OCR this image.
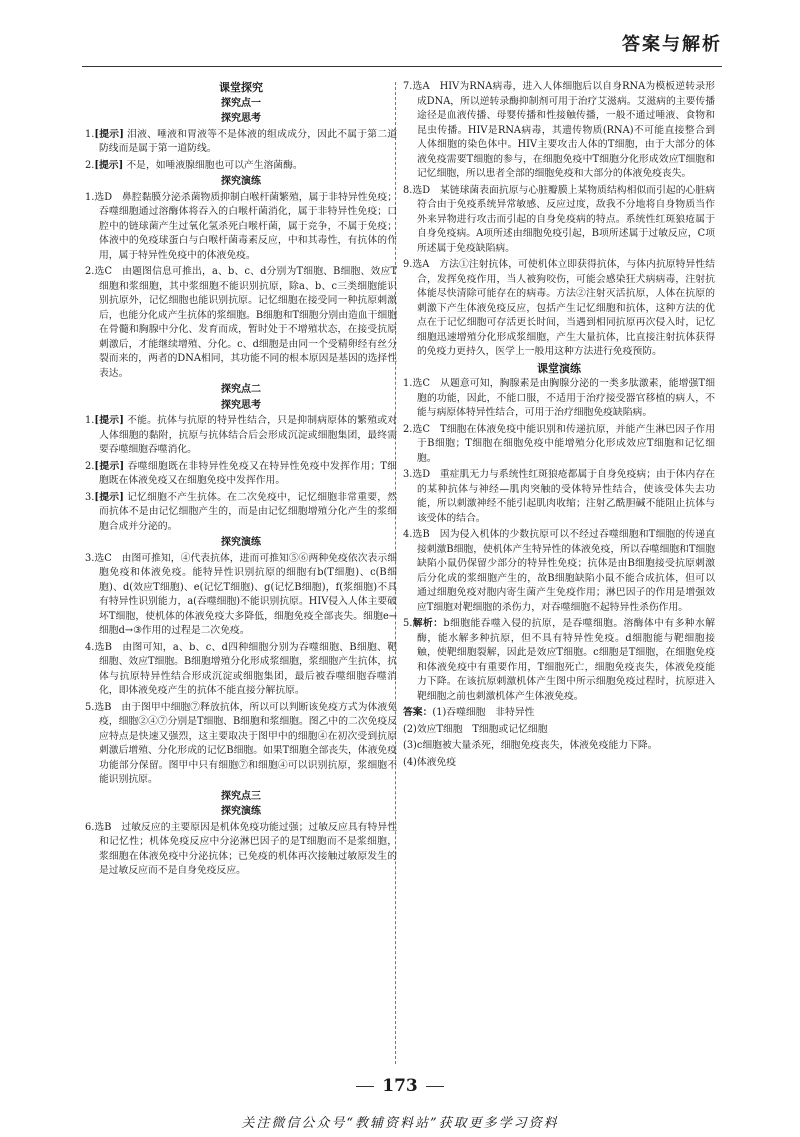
答案与解析
课堂探究
探究点一
探究思考
1.[提示] 泪液、唾液和胃液等不是体液的组成成分，因此不属于第二道防线而是属于第一道防线。
2.[提示] 不是，如唾液腺细胞也可以产生溶菌酶。
探究演练
1.选D　鼻腔黏膜分泌杀菌物质抑制白喉杆菌繁殖，属于非特异性免疫；吞噬细胞通过溶酶体将吞入的白喉杆菌消化，属于非特异性免疫；口腔中的链球菌产生过氧化氢杀死白喉杆菌，属于竞争，不属于免疫；体液中的免疫球蛋白与白喉杆菌毒素反应，中和其毒性，有抗体的作用，属于特异性免疫中的体液免疫。
2.选C　由题图信息可推出，a、b、c、d分别为T细胞、B细胞、效应T细胞和浆细胞，其中浆细胞不能识别抗原，除a、b、c三类细胞能识别抗原外，记忆细胞也能识别抗原。记忆细胞在接受同一种抗原刺激后，也能分化成产生抗体的浆细胞。B细胞和T细胞分别由造血干细胞在骨髓和胸腺中分化、发育而成，暂时处于不增殖状态，在接受抗原刺激后，才能继续增殖、分化。c、d细胞是由同一个受精卵经有丝分裂而来的，两者的DNA相同，其功能不同的根本原因是基因的选择性表达。
探究点二
探究思考
1.[提示] 不能。抗体与抗原的特异性结合，只是抑制病原体的繁殖或对人体细胞的黏附，抗原与抗体结合后会形成沉淀或细胞集团，最终需要吞噬细胞吞噬消化。
2.[提示] 吞噬细胞既在非特异性免疫又在特异性免疫中发挥作用；T细胞既在体液免疫又在细胞免疫中发挥作用。
3.[提示] 记忆细胞不产生抗体。在二次免疫中，记忆细胞非常重要，然而抗体不是由记忆细胞产生的，而是由记忆细胞增殖分化产生的浆细胞合成并分泌的。
探究演练
3.选C　由图可推知，④代表抗体，进而可推知⑤⑥两种免疫依次表示细胞免疫和体液免疫。能特异性识别抗原的细胞有b(T细胞)、c(B细胞)、d(效应T细胞)、e(记忆T细胞)、g(记忆B细胞)，f(浆细胞)不具有特异性识别能力，a(吞噬细胞)不能识别抗原。HIV侵入人体主要破坏T细胞，使机体的体液免疫大多降低，细胞免疫全部丧失。细胞e→细胞d→③作用的过程是二次免疫。
4.选B　由图可知，a、b、c、d四种细胞分别为吞噬细胞、B细胞、靶细胞、效应T细胞。B细胞增殖分化形成浆细胞，浆细胞产生抗体，抗体与抗原特异性结合形成沉淀或细胞集团，最后被吞噬细胞吞噬消化，即体液免疫产生的抗体不能直接分解抗原。
5.选B　由于图甲中细胞⑦释放抗体，所以可以判断该免疫方式为体液免疫，细胞②④⑦分别是T细胞、B细胞和浆细胞。图乙中的二次免疫反应特点是快速又强烈，这主要取决于图甲中的细胞④在初次受到抗原刺激后增殖、分化形成的记忆B细胞。如果T细胞全部丧失，体液免疫功能部分保留。图甲中只有细胞⑦和细胞④可以识别抗原，浆细胞不能识别抗原。
探究点三
探究演练
6.选B　过敏反应的主要原因是机体免疫功能过强；过敏反应具有特异性和记忆性；机体免疫反应中分泌淋巴因子的是T细胞而不是浆细胞，浆细胞在体液免疫中分泌抗体；已免疫的机体再次接触过敏原发生的是过敏反应而不是自身免疫反应。
7.选A　HIV为RNA病毒，进入人体细胞后以自身RNA为模板逆转录形成DNA，所以逆转录酶抑制剂可用于治疗艾滋病。艾滋病的主要传播途径是血液传播、母婴传播和性接触传播，一般不通过唾液、食物和昆虫传播。HIV是RNA病毒，其遗传物质(RNA)不可能直接整合到人体细胞的染色体中。HIV主要攻击人体的T细胞，由于大部分的体液免疫需要T细胞的参与，在细胞免疫中T细胞分化形成效应T细胞和记忆细胞，所以患者全部的细胞免疫和大部分的体液免疫丧失。
8.选D　某链球菌表面抗原与心脏瓣膜上某物质结构相似而引起的心脏病符合由于免疫系统异常敏感、反应过度，敌我不分地将自身物质当作外来异物进行攻击而引起的自身免疫病的特点。系统性红斑狼疮属于自身免疫病。A项所述由细胞免疫引起，B项所述属于过敏反应，C项所述属于免疫缺陷病。
9.选A　方法①注射抗体，可使机体立即获得抗体，与体内抗原特异性结合，发挥免疫作用，当人被狗咬伤，可能会感染狂犬病病毒，注射抗体能尽快清除可能存在的病毒。方法②注射灭活抗原，人体在抗原的刺激下产生体液免疫反应，包括产生记忆细胞和抗体，这种方法的优点在于记忆细胞可存活更长时间，当遇到相同抗原再次侵入时，记忆细胞迅速增殖分化形成浆细胞，产生大量抗体，比直接注射抗体获得的免疫力更持久，医学上一般用这种方法进行免疫预防。
课堂演练
1.选C　从题意可知，胸腺素是由胸腺分泌的一类多肽激素，能增强T细胞的功能，因此，不能口服，不适用于治疗接受器官移植的病人，不能与病原体特异性结合，可用于治疗细胞免疫缺陷病。
2.选C　T细胞在体液免疫中能识别和传递抗原，并能产生淋巴因子作用于B细胞；T细胞在细胞免疫中能增殖分化形成效应T细胞和记忆细胞。
3.选D　重症肌无力与系统性红斑狼疮都属于自身免疫病；由于体内存在的某种抗体与神经—肌肉突触的受体特异性结合，使该受体失去功能，所以刺激神经不能引起肌肉收缩；注射乙酰胆碱不能阻止抗体与该受体的结合。
4.选B　因为侵入机体的少数抗原可以不经过吞噬细胞和T细胞的传递直接刺激B细胞，使机体产生特异性的体液免疫，所以吞噬细胞和T细胞缺陷小鼠仍保留少部分的特异性免疫；抗体是由B细胞接受抗原刺激后分化成的浆细胞产生的，故B细胞缺陷小鼠不能合成抗体，但可以通过细胞免疫对胞内寄生菌产生免疫作用；淋巴因子的作用是增强效应T细胞对靶细胞的杀伤力，对吞噬细胞不起特异性杀伤作用。
5.解析：b细胞能吞噬入侵的抗原，是吞噬细胞。溶酶体中有多种水解酶，能水解多种抗原，但不具有特异性免疫。d细胞能与靶细胞接触，使靶细胞裂解，因此是效应T细胞。c细胞是T细胞，在细胞免疫和体液免疫中有重要作用，T细胞死亡，细胞免疫丧失，体液免疫能力下降。在该抗原刺激机体产生图中所示细胞免疫过程时，抗原进入靶细胞之前也刺激机体产生体液免疫。
答案：(1)吞噬细胞　非特异性
(2)效应T细胞　T细胞或记忆细胞
(3)c细胞被大量杀死，细胞免疫丧失，体液免疫能力下降。
(4)体液免疫
173
关注微信公众号“教辅资料站”获取更多学习资料
